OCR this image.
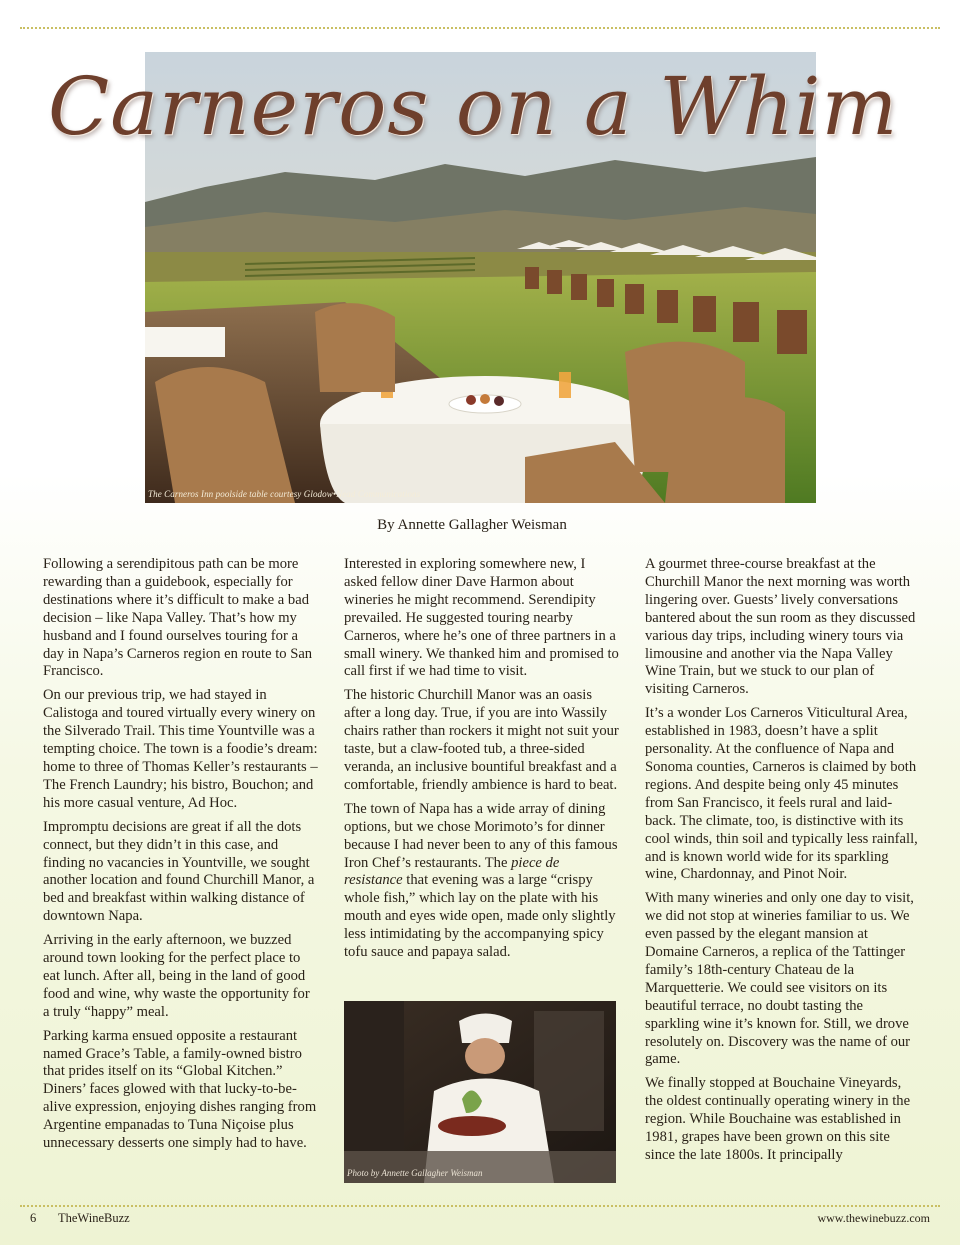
The Carneros Inn poolside table courtesy Glodow•Nead Communications
Carneros on a Whim
By Annette Gallagher Weisman

Following a serendipitous path can be more rewarding than a guidebook, especially for destinations where it’s difficult to make a bad decision – like Napa Valley. That’s how my husband and I found ourselves touring for a day in Napa’s Carneros region en route to San Francisco.

On our previous trip, we had stayed in Calistoga and toured virtually every winery on the Silverado Trail. This time Yountville was a tempting choice. The town is a foodie’s dream: home to three of Thomas Keller’s restaurants – The French Laundry; his bistro, Bouchon; and his more casual venture, Ad Hoc.

Impromptu decisions are great if all the dots connect, but they didn’t in this case, and finding no vacancies in Yountville, we sought another location and found Churchill Manor, a bed and breakfast within walking distance of downtown Napa.

Arriving in the early afternoon, we buzzed around town looking for the perfect place to eat lunch. After all, being in the land of good food and wine, why waste the opportunity for a truly “happy” meal.

Parking karma ensued opposite a restaurant named Grace’s Table, a family-owned bistro that prides itself on its “Global Kitchen.” Diners’ faces glowed with that lucky-to-be-alive expression, enjoying dishes ranging from Argentine empanadas to Tuna Niçoise plus unnecessary desserts one simply had to have.

Interested in exploring somewhere new, I asked fellow diner Dave Harmon about wineries he might recommend. Serendipity prevailed. He suggested touring nearby Carneros, where he’s one of three partners in a small winery. We thanked him and promised to call first if we had time to visit.

The historic Churchill Manor was an oasis after a long day. True, if you are into Wassily chairs rather than rockers it might not suit your taste, but a claw-footed tub, a three-sided veranda, an inclusive bountiful breakfast and a comfortable, friendly ambience is hard to beat.

The town of Napa has a wide array of dining options, but we chose Morimoto’s for dinner because I had never been to any of this famous Iron Chef’s restaurants. The piece de resistance that evening was a large “crispy whole fish,” which lay on the plate with his mouth and eyes wide open, made only slightly less intimidating by the accompanying spicy tofu sauce and papaya salad.

Photo by Annette Gallagher Weisman

A gourmet three-course breakfast at the Churchill Manor the next morning was worth lingering over. Guests’ lively conversations bantered about the sun room as they discussed various day trips, including winery tours via limousine and another via the Napa Valley Wine Train, but we stuck to our plan of visiting Carneros.

It’s a wonder Los Carneros Viticultural Area, established in 1983, doesn’t have a split personality. At the confluence of Napa and Sonoma counties, Carneros is claimed by both regions. And despite being only 45 minutes from San Francisco, it feels rural and laid-back. The climate, too, is distinctive with its cool winds, thin soil and typically less rainfall, and is known world wide for its sparkling wine, Chardonnay, and Pinot Noir.

With many wineries and only one day to visit, we did not stop at wineries familiar to us. We even passed by the elegant mansion at Domaine Carneros, a replica of the Tattinger family’s 18th-century Chateau de la Marquetterie. We could see visitors on its beautiful terrace, no doubt tasting the sparkling wine it’s known for. Still, we drove resolutely on. Discovery was the name of our game.

We finally stopped at Bouchaine Vineyards, the oldest continually operating winery in the region. While Bouchaine was established in 1981, grapes have been grown on this site since the late 1800s. It principally

6 TheWineBuzz	www.thewinebuzz.com
